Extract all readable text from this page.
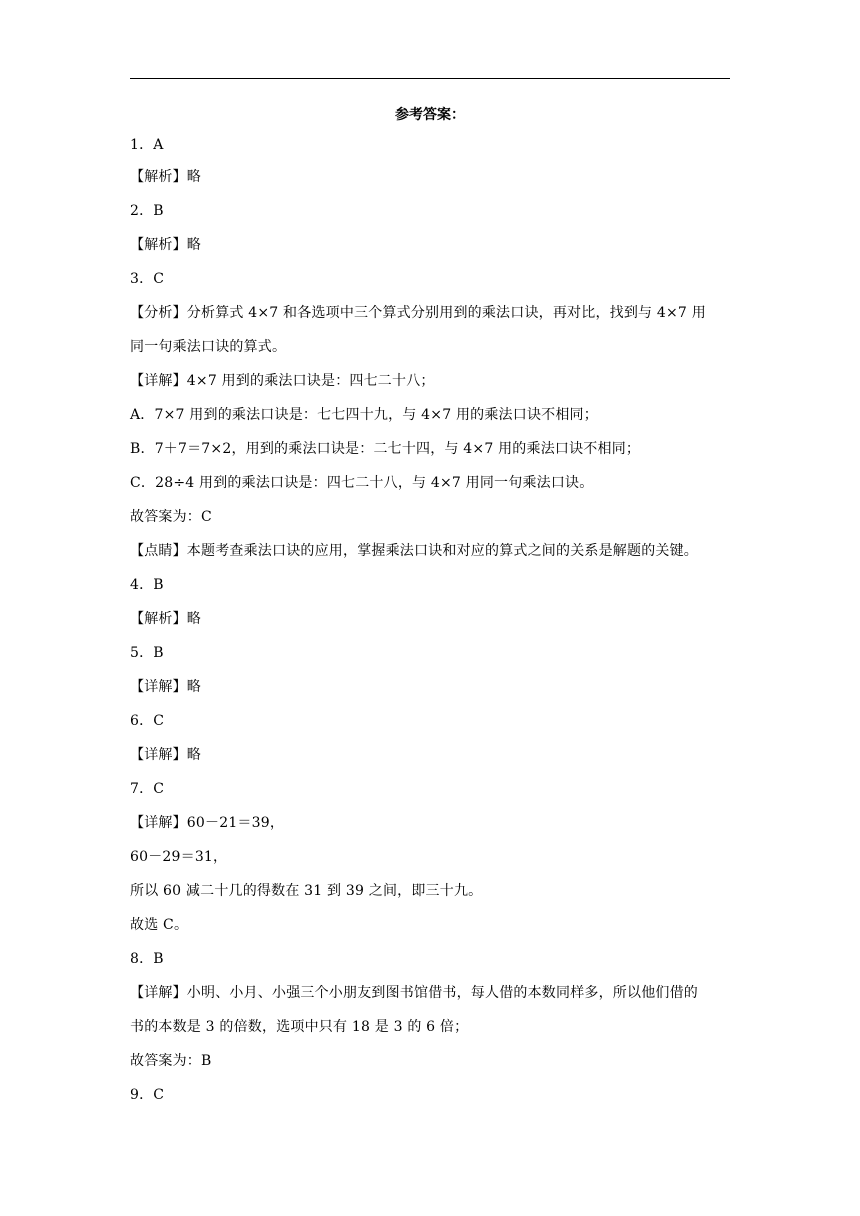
参考答案：
1．A
【解析】略
2．B
【解析】略
3．C
【分析】分析算式 4×7 和各选项中三个算式分别用到的乘法口诀，再对比，找到与 4×7 用
同一句乘法口诀的算式。
【详解】4×7 用到的乘法口诀是：四七二十八；
A．7×7 用到的乘法口诀是：七七四十九，与 4×7 用的乘法口诀不相同；
B．7＋7＝7×2，用到的乘法口诀是：二七十四，与 4×7 用的乘法口诀不相同；
C．28÷4 用到的乘法口诀是：四七二十八，与 4×7 用同一句乘法口诀。
故答案为：C
【点睛】本题考查乘法口诀的应用，掌握乘法口诀和对应的算式之间的关系是解题的关键。
4．B
【解析】略
5．B
【详解】略
6．C
【详解】略
7．C
【详解】60－21＝39，
60－29＝31，
所以 60 减二十几的得数在 31 到 39 之间，即三十九。
故选 C。
8．B
【详解】小明、小月、小强三个小朋友到图书馆借书，每人借的本数同样多，所以他们借的
书的本数是 3 的倍数，选项中只有 18 是 3 的 6 倍；
故答案为：B
9．C
